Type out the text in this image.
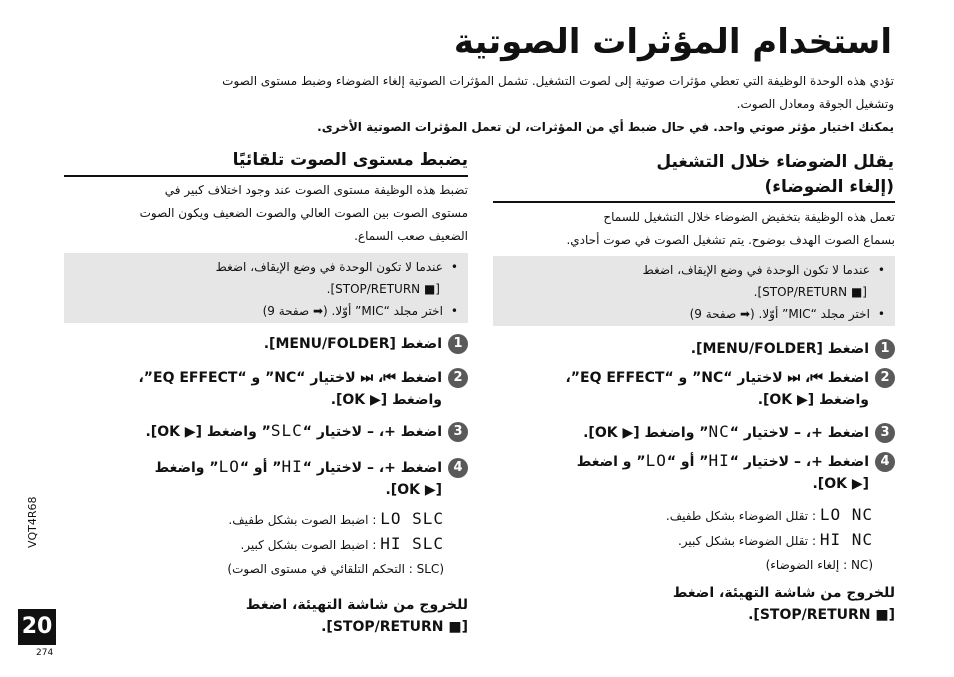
استخدام المؤثرات الصوتية
تؤدي هذه الوحدة الوظيفة التي تعطي مؤثرات صوتية إلى لصوت التشغيل. تشمل المؤثرات الصوتية إلغاء الضوضاء وضبط مستوى الصوت
وتشغيل الجوقة ومعادل الصوت.
يمكنك اختيار مؤثر صوتي واحد. في حال ضبط أي من المؤثرات، لن تعمل المؤثرات الصوتية الأخرى.
يقلل الضوضاء خلال التشغيل
(إلغاء الضوضاء)
تعمل هذه الوظيفة بتخفيض الضوضاء خلال التشغيل للسماح
بسماع الصوت الهدف بوضوح. يتم تشغيل الصوت في صوت أحادي.
• عندما لا تكون الوحدة في وضع الإيقاف، اضغط
[■ STOP/RETURN].
• اختر مجلد “MIC” أوّلا. (➡ صفحة 9)
1اضغط [MENU/FOLDER].
2اضغط ⏮، ⏭ لاختيار “NC” و “EQ EFFECT”،
واضغط [▶ OK].
3اضغط +، – لاختيار “NC” واضغط [▶ OK].
4اضغط +، – لاختيار “HI” أو “LO” و اضغط
[▶ OK].
LO NC : تقلل الضوضاء بشكل طفيف.
HI NC : تقلل الضوضاء بشكل كبير.
(NC : إلغاء الضوضاء)
للخروج من شاشة التهيئة، اضغط
[■ STOP/RETURN].
يضبط مستوى الصوت تلقائيًا
تضبط هذه الوظيفة مستوى الصوت عند وجود اختلاف كبير في
مستوى الصوت بين الصوت العالي والصوت الضعيف ويكون الصوت
الضعيف صعب السماع.
• عندما لا تكون الوحدة في وضع الإيقاف، اضغط
[■ STOP/RETURN].
• اختر مجلد “MIC” أوّلا. (➡ صفحة 9)
1اضغط [MENU/FOLDER].
2اضغط ⏮، ⏭ لاختيار “NC” و “EQ EFFECT”،
واضغط [▶ OK].
3اضغط +، – لاختيار “SLC” واضغط [▶ OK].
4اضغط +، – لاختيار “HI” أو “LO” واضغط
[▶ OK].
LO SLC : اضبط الصوت بشكل طفيف.
HI SLC : اضبط الصوت بشكل كبير.
(SLC : التحكم التلقائي في مستوى الصوت)
للخروج من شاشة التهيئة، اضغط
[■ STOP/RETURN].
VQT4R68
20
274
